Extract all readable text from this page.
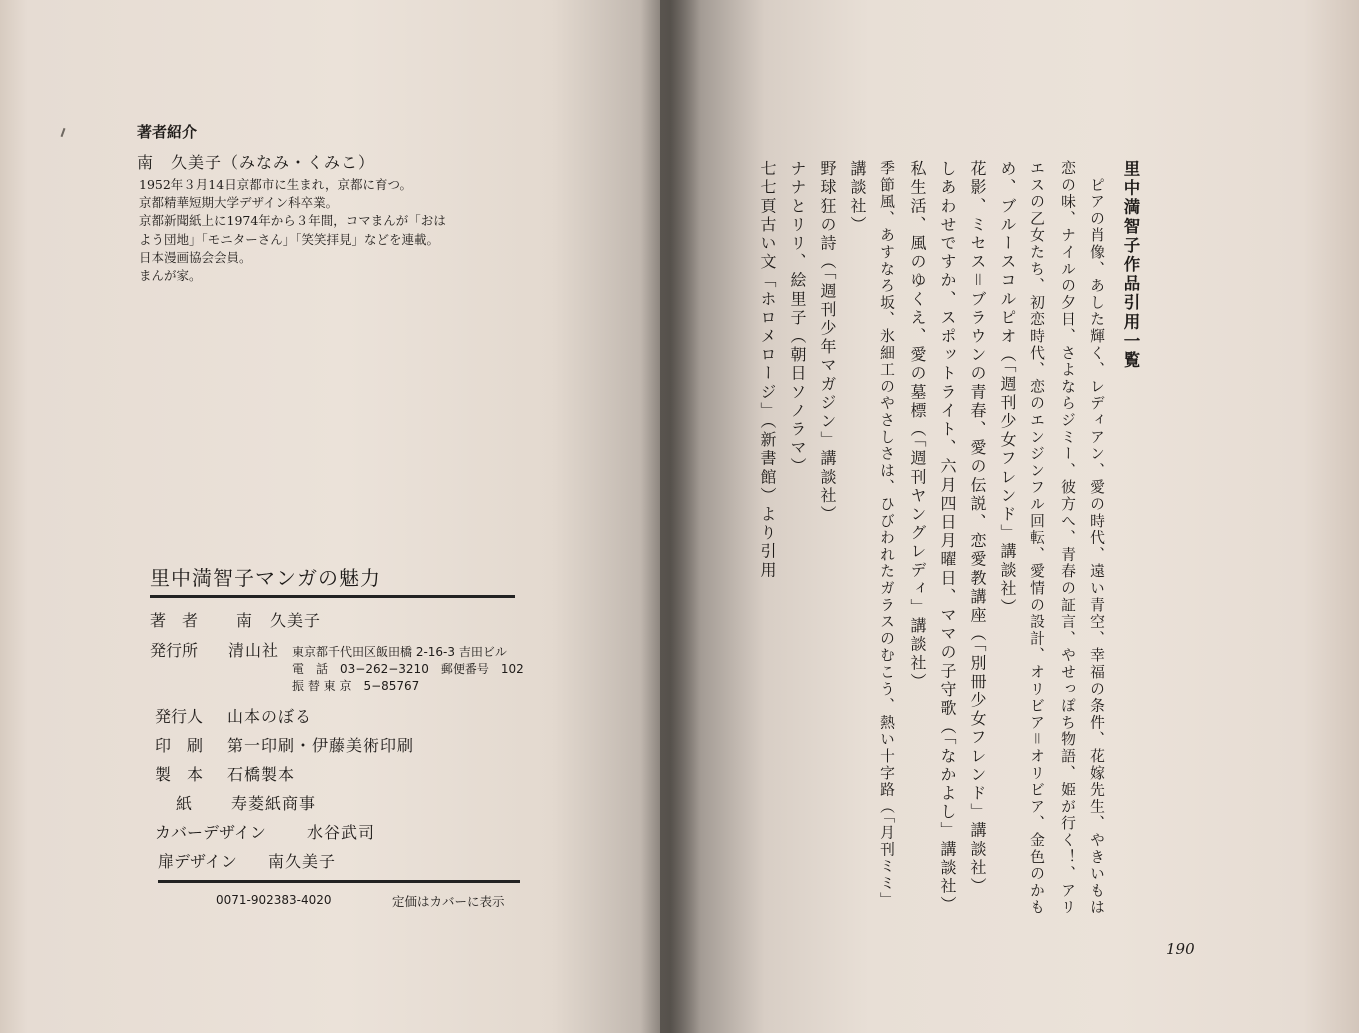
著者紹介
南　久美子（みなみ・くみこ）
1952年３月14日京都市に生まれ，京都に育つ。
京都精華短期大学デザイン科卒業。
京都新聞紙上に1974年から３年間，コマまんが「おは
よう団地」「モニターさん」「笑笑拝見」などを連載。
日本漫画協会会員。
まんが家。
里中満智子マンガの魅力
著　者 南　久美子
発行所 清山社 東京都千代田区飯田橋 2-16-3 吉田ビル
電　話　03−262−3210　郵便番号　102
振 替 東 京　5−85767
発行人 山本のぼる
印　刷 第一印刷・伊藤美術印刷
製　本 石橋製本
紙 寿菱紙商事
カバーデザイン	水谷武司
扉デザイン 南久美子
0071-902383-4020	定価はカバーに表示
里中満智子作品引用一覧
　ピアの肖像、あした輝く、レディアン、愛の時代、遠い青空、幸福の条件、花嫁先生、やきいもは
恋の味、ナイルの夕日、さよならジミー、彼方へ、青春の証言、やせっぽち物語、姫が行く！、アリ
エスの乙女たち、初恋時代、恋のエンジンフル回転、愛情の設計、オリビア＝オリビア、金色のかも
め、ブルースコルピオ（「週刊少女フレンド」講談社）
花影、ミセス＝ブラウンの青春、愛の伝説、恋愛教講座（「別冊少女フレンド」講談社）
しあわせですか、スポットライト、六月四日月曜日、ママの子守歌（「なかよし」講談社）
私生活、風のゆくえ、愛の墓標（「週刊ヤングレディ」講談社）
季節風、あすなろ坂、氷細工のやさしさは、ひびわれたガラスのむこう、熱い十字路（「月刊ミミ」
講談社）
野球狂の詩（「週刊少年マガジン」講談社）
ナナとリリ、絵里子（朝日ソノラマ）
七七頁古い文「ホロメロージ」（新書館）より引用
190
